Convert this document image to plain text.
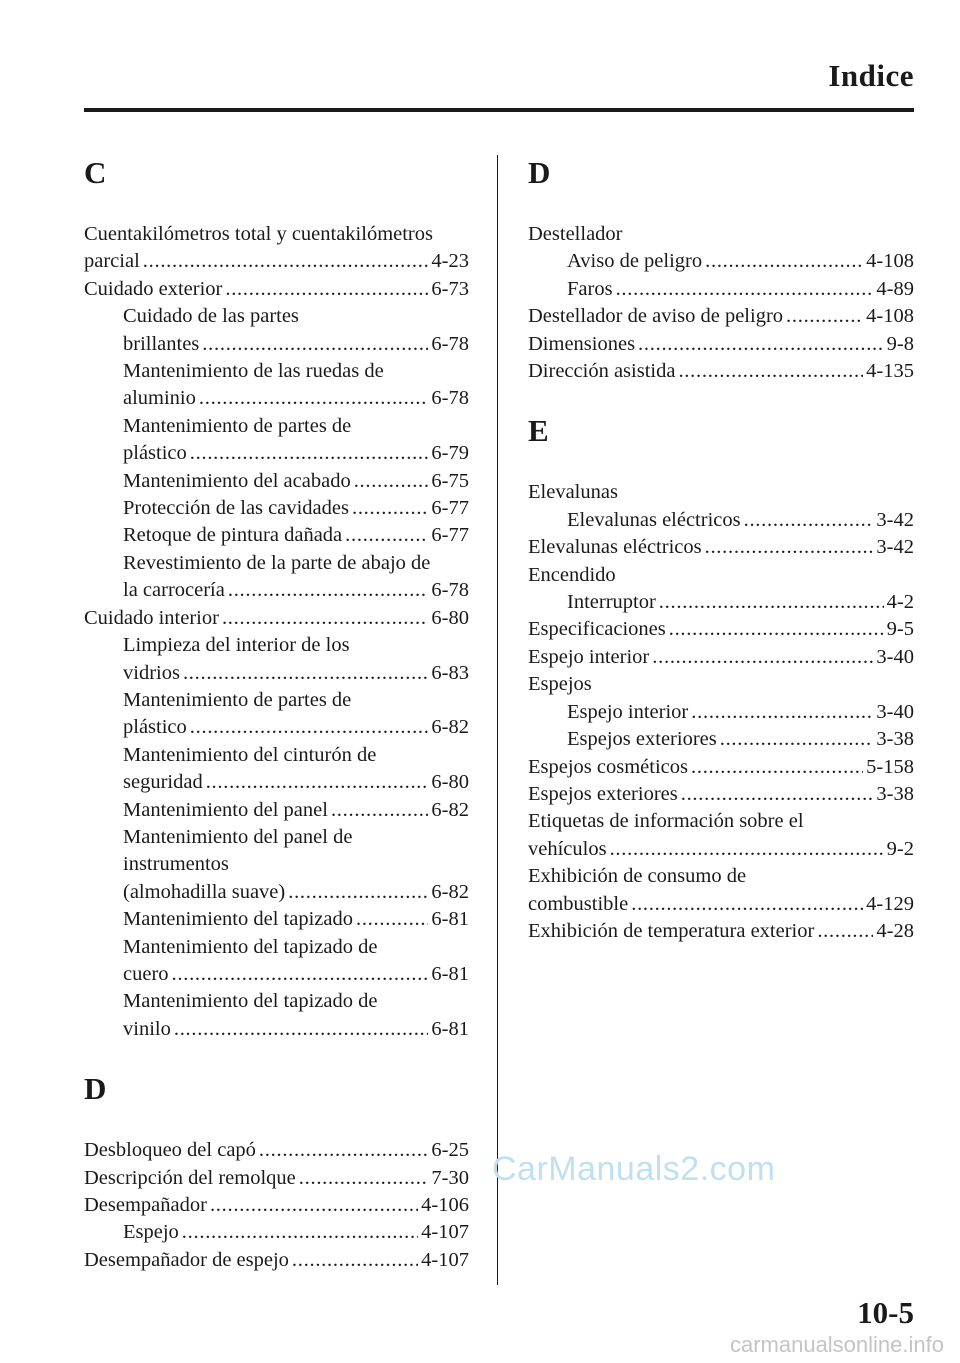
Indice
C
Cuentakilómetros total y cuentakilómetros
parcial . . .	4-23
Cuidado exterior . . .	6-73
Cuidado de las partes
brillantes . . .	6-78
Mantenimiento de las ruedas de
aluminio . . .	6-78
Mantenimiento de partes de
plástico . . .	6-79
Mantenimiento del acabado . . .	6-75
Protección de las cavidades . . .	6-77
Retoque de pintura dañada . . .	6-77
Revestimiento de la parte de abajo de
la carrocería . . .	6-78
Cuidado interior . . .	6-80
Limpieza del interior de los
vidrios . . .	6-83
Mantenimiento de partes de
plástico . . .	6-82
Mantenimiento del cinturón de
seguridad . . .	6-80
Mantenimiento del panel . . .	6-82
Mantenimiento del panel de
instrumentos
(almohadilla suave) . . .	6-82
Mantenimiento del tapizado . . .	6-81
Mantenimiento del tapizado de
cuero . . .	6-81
Mantenimiento del tapizado de
vinilo . . .	6-81
D
Desbloqueo del capó . . .	6-25
Descripción del remolque . . .	7-30
Desempañador . . .	4-106
Espejo . . .	4-107
Desempañador de espejo . . .	4-107
D
Destellador
Aviso de peligro . . .	4-108
Faros . . .	4-89
Destellador de aviso de peligro . . .	4-108
Dimensiones . . .	9-8
Dirección asistida . . .	4-135
E
Elevalunas
Elevalunas eléctricos . . .	3-42
Elevalunas eléctricos . . .	3-42
Encendido
Interruptor . . .	4-2
Especificaciones . . .	9-5
Espejo interior . . .	3-40
Espejos
Espejo interior . . .	3-40
Espejos exteriores . . .	3-38
Espejos cosméticos . . .	5-158
Espejos exteriores . . .	3-38
Etiquetas de información sobre el
vehículos . . .	9-2
Exhibición de consumo de
combustible . . .	4-129
Exhibición de temperatura exterior . . .	4-28
CarManuals2.com
10-5
carmanualsonline.info
